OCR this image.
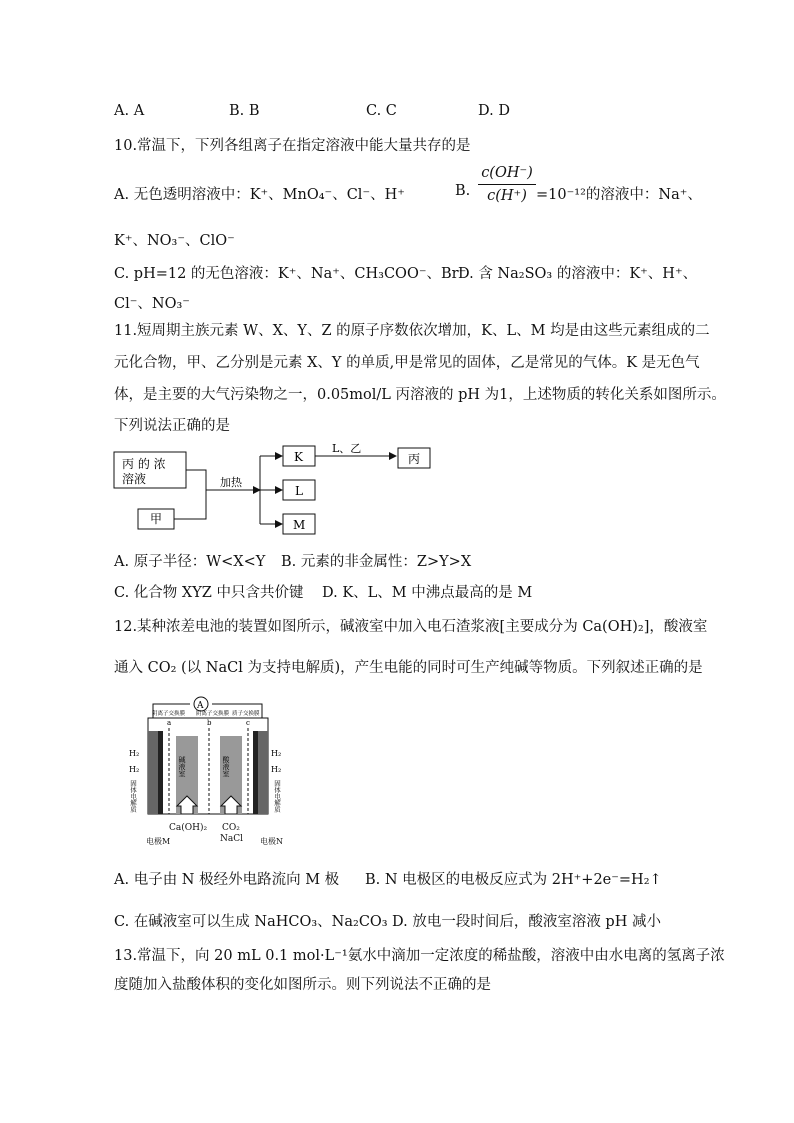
A. A	B. B	C. C	D. D
10.常温下，下列各组离子在指定溶液中能大量共存的是
A. 无色透明溶液中：K⁺、MnO₄⁻、Cl⁻、H⁺	B.
c(OH⁻)
c(H⁺) =10⁻¹²的溶液中：Na⁺、
K⁺、NO₃⁻、ClO⁻
C. pH=12 的无色溶液：K⁺、Na⁺、CH₃COO⁻、Br⁻
D. 含 Na₂SO₃ 的溶液中：K⁺、H⁺、
Cl⁻、NO₃⁻
11.短周期主族元素 W、X、Y、Z 的原子序数依次增加，K、L、M 均是由这些元素组成的二
元化合物，甲、乙分别是元素 X、Y 的单质,甲是常见的固体，乙是常见的气体。K 是无色气
体，是主要的大气污染物之一，0.05mol/L 丙溶液的 pH 为1，上述物质的转化关系如图所示。
下列说法正确的是
丙 的 浓
溶液
甲
加热
K
L
M
L、乙
丙
A. 原子半径：W<X<Y B. 元素的非金属性：Z>Y>X
C. 化合物 XYZ 中只含共价键 D. K、L、M 中沸点最高的是 M
12.某种浓差电池的装置如图所示，碱液室中加入电石渣浆液[主要成分为 Ca(OH)₂]，酸液室
通入 CO₂ (以 NaCl 为支持电解质)，产生电能的同时可生产纯碱等物质。下列叙述正确的是
A
碱液室	酸液室
阴离子交换膜 阴离子交换膜 质子交换膜
a	b	c
H₂
H₂
H₂
H₂
固体电解质	固体电解质
Ca(OH)₂ CO₂
NaCl
电极M	电极N
A. 电子由 N 极经外电路流向 M 极 B. N 电极区的电极反应式为 2H⁺+2e⁻=H₂↑
C. 在碱液室可以生成 NaHCO₃、Na₂CO₃ D. 放电一段时间后，酸液室溶液 pH 减小
13.常温下，向 20 mL 0.1 mol·L⁻¹氨水中滴加一定浓度的稀盐酸，溶液中由水电离的氢离子浓
度随加入盐酸体积的变化如图所示。则下列说法不正确的是
